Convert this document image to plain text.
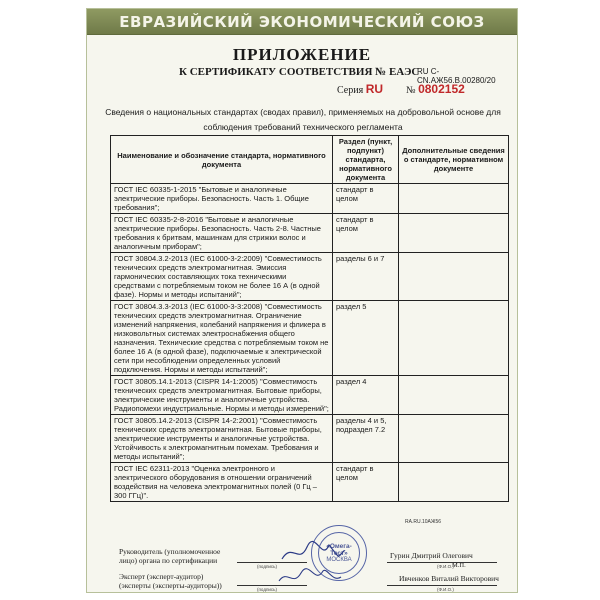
ЕВРАЗИЙСКИЙ ЭКОНОМИЧЕСКИЙ СОЮЗ
ПРИЛОЖЕНИЕ
К СЕРТИФИКАТУ СООТВЕТСТВИЯ № ЕАЭС
RU С-CN.АЖ56.В.00280/20
Серия RU № 0802152
Сведения о национальных стандартах (сводах правил), применяемых на добровольной основе для соблюдения требований технического регламента
Наименование и обозначение стандарта, нормативного документа	Раздел (пункт, подпункт) стандарта, нормативного документа	Дополнительные сведения о стандарте, нормативном документе
ГОСТ IEC 60335-1-2015 "Бытовые и аналогичные электрические приборы. Безопасность. Часть 1. Общие требования";	стандарт в целом	
ГОСТ IEC 60335-2-8-2016 "Бытовые и аналогичные электрические приборы. Безопасность. Часть 2-8. Частные требования к бритвам, машинкам для стрижки волос и аналогичным приборам";	стандарт в целом	
ГОСТ 30804.3.2-2013 (IEC 61000-3-2:2009) "Совместимость технических средств электромагнитная. Эмиссия гармонических составляющих тока техническими средствами с потребляемым током не более 16 А (в одной фазе). Нормы и методы испытаний";	разделы 6 и 7	
ГОСТ 30804.3.3-2013 (IEC 61000-3-3:2008) "Совместимость технических средств электромагнитная. Ограничение изменений напряжения, колебаний напряжения и фликера в низковольтных системах электроснабжения общего назначения. Технические средства с потребляемым током не более 16 А (в одной фазе), подключаемые к электрической сети при несоблюдении определенных условий подключения. Нормы и методы испытаний";	раздел 5	
ГОСТ 30805.14.1-2013 (CISPR 14-1:2005) "Совместимость технических средств электромагнитная. Бытовые приборы, электрические инструменты и аналогичные устройства. Радиопомехи индустриальные. Нормы и методы измерений";	раздел 4	
ГОСТ 30805.14.2-2013 (CISPR 14-2:2001) "Совместимость технических средств электромагнитная. Бытовые приборы, электрические инструменты и аналогичные устройства. Устойчивость к электромагнитным помехам. Требования и методы испытаний";	разделы 4 и 5, подраздел 7.2	
ГОСТ IEC 62311-2013 "Оценка электронного и электрического оборудования в отношении ограничений воздействия на человека электромагнитных полей (0 Гц – 300 ГГц)".	стандарт в целом	
Руководитель (уполномоченное лицо) органа по сертификации
(подпись)
Гурин Дмитрий Олегович
(Ф.И.О.)
Эксперт (эксперт-аудитор) (эксперты (эксперты-аудиторы))	(подпись)
Ивченков Виталий Викторович
(Ф.И.О.)
М.П.
RA.RU.10АЖ56
«Омега-Тест»
МОСКВА
